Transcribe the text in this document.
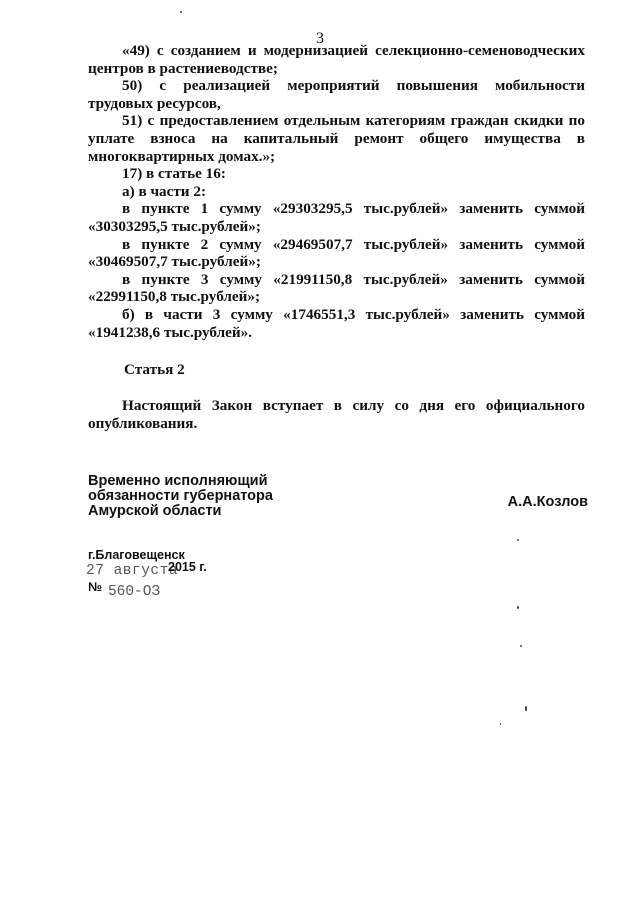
3

«49) с созданием и модернизацией селекционно-семеноводческих центров в растениеводстве;

50) с реализацией мероприятий повышения мобильности трудовых ресурсов,

51) с предоставлением отдельным категориям граждан скидки по уплате взноса на капитальный ремонт общего имущества в многоквартирных домах.»;

17) в статье 16:

а) в части 2:

в пункте 1 сумму «29303295,5 тыс.рублей» заменить суммой «30303295,5 тыс.рублей»;

в пункте 2 сумму «29469507,7 тыс.рублей» заменить суммой «30469507,7 тыс.рублей»;

в пункте 3 сумму «21991150,8 тыс.рублей» заменить суммой «22991150,8 тыс.рублей»;

б) в части 3 сумму «1746551,3 тыс.рублей» заменить суммой «1941238,6 тыс.рублей».

Статья 2

Настоящий Закон вступает в силу со дня его официального опубликования.

Временно исполняющий
обязанности губернатора
Амурской области
А.А.Козлов
г.Благовещенск
27 августа
2015 г.
№ 560-ОЗ
